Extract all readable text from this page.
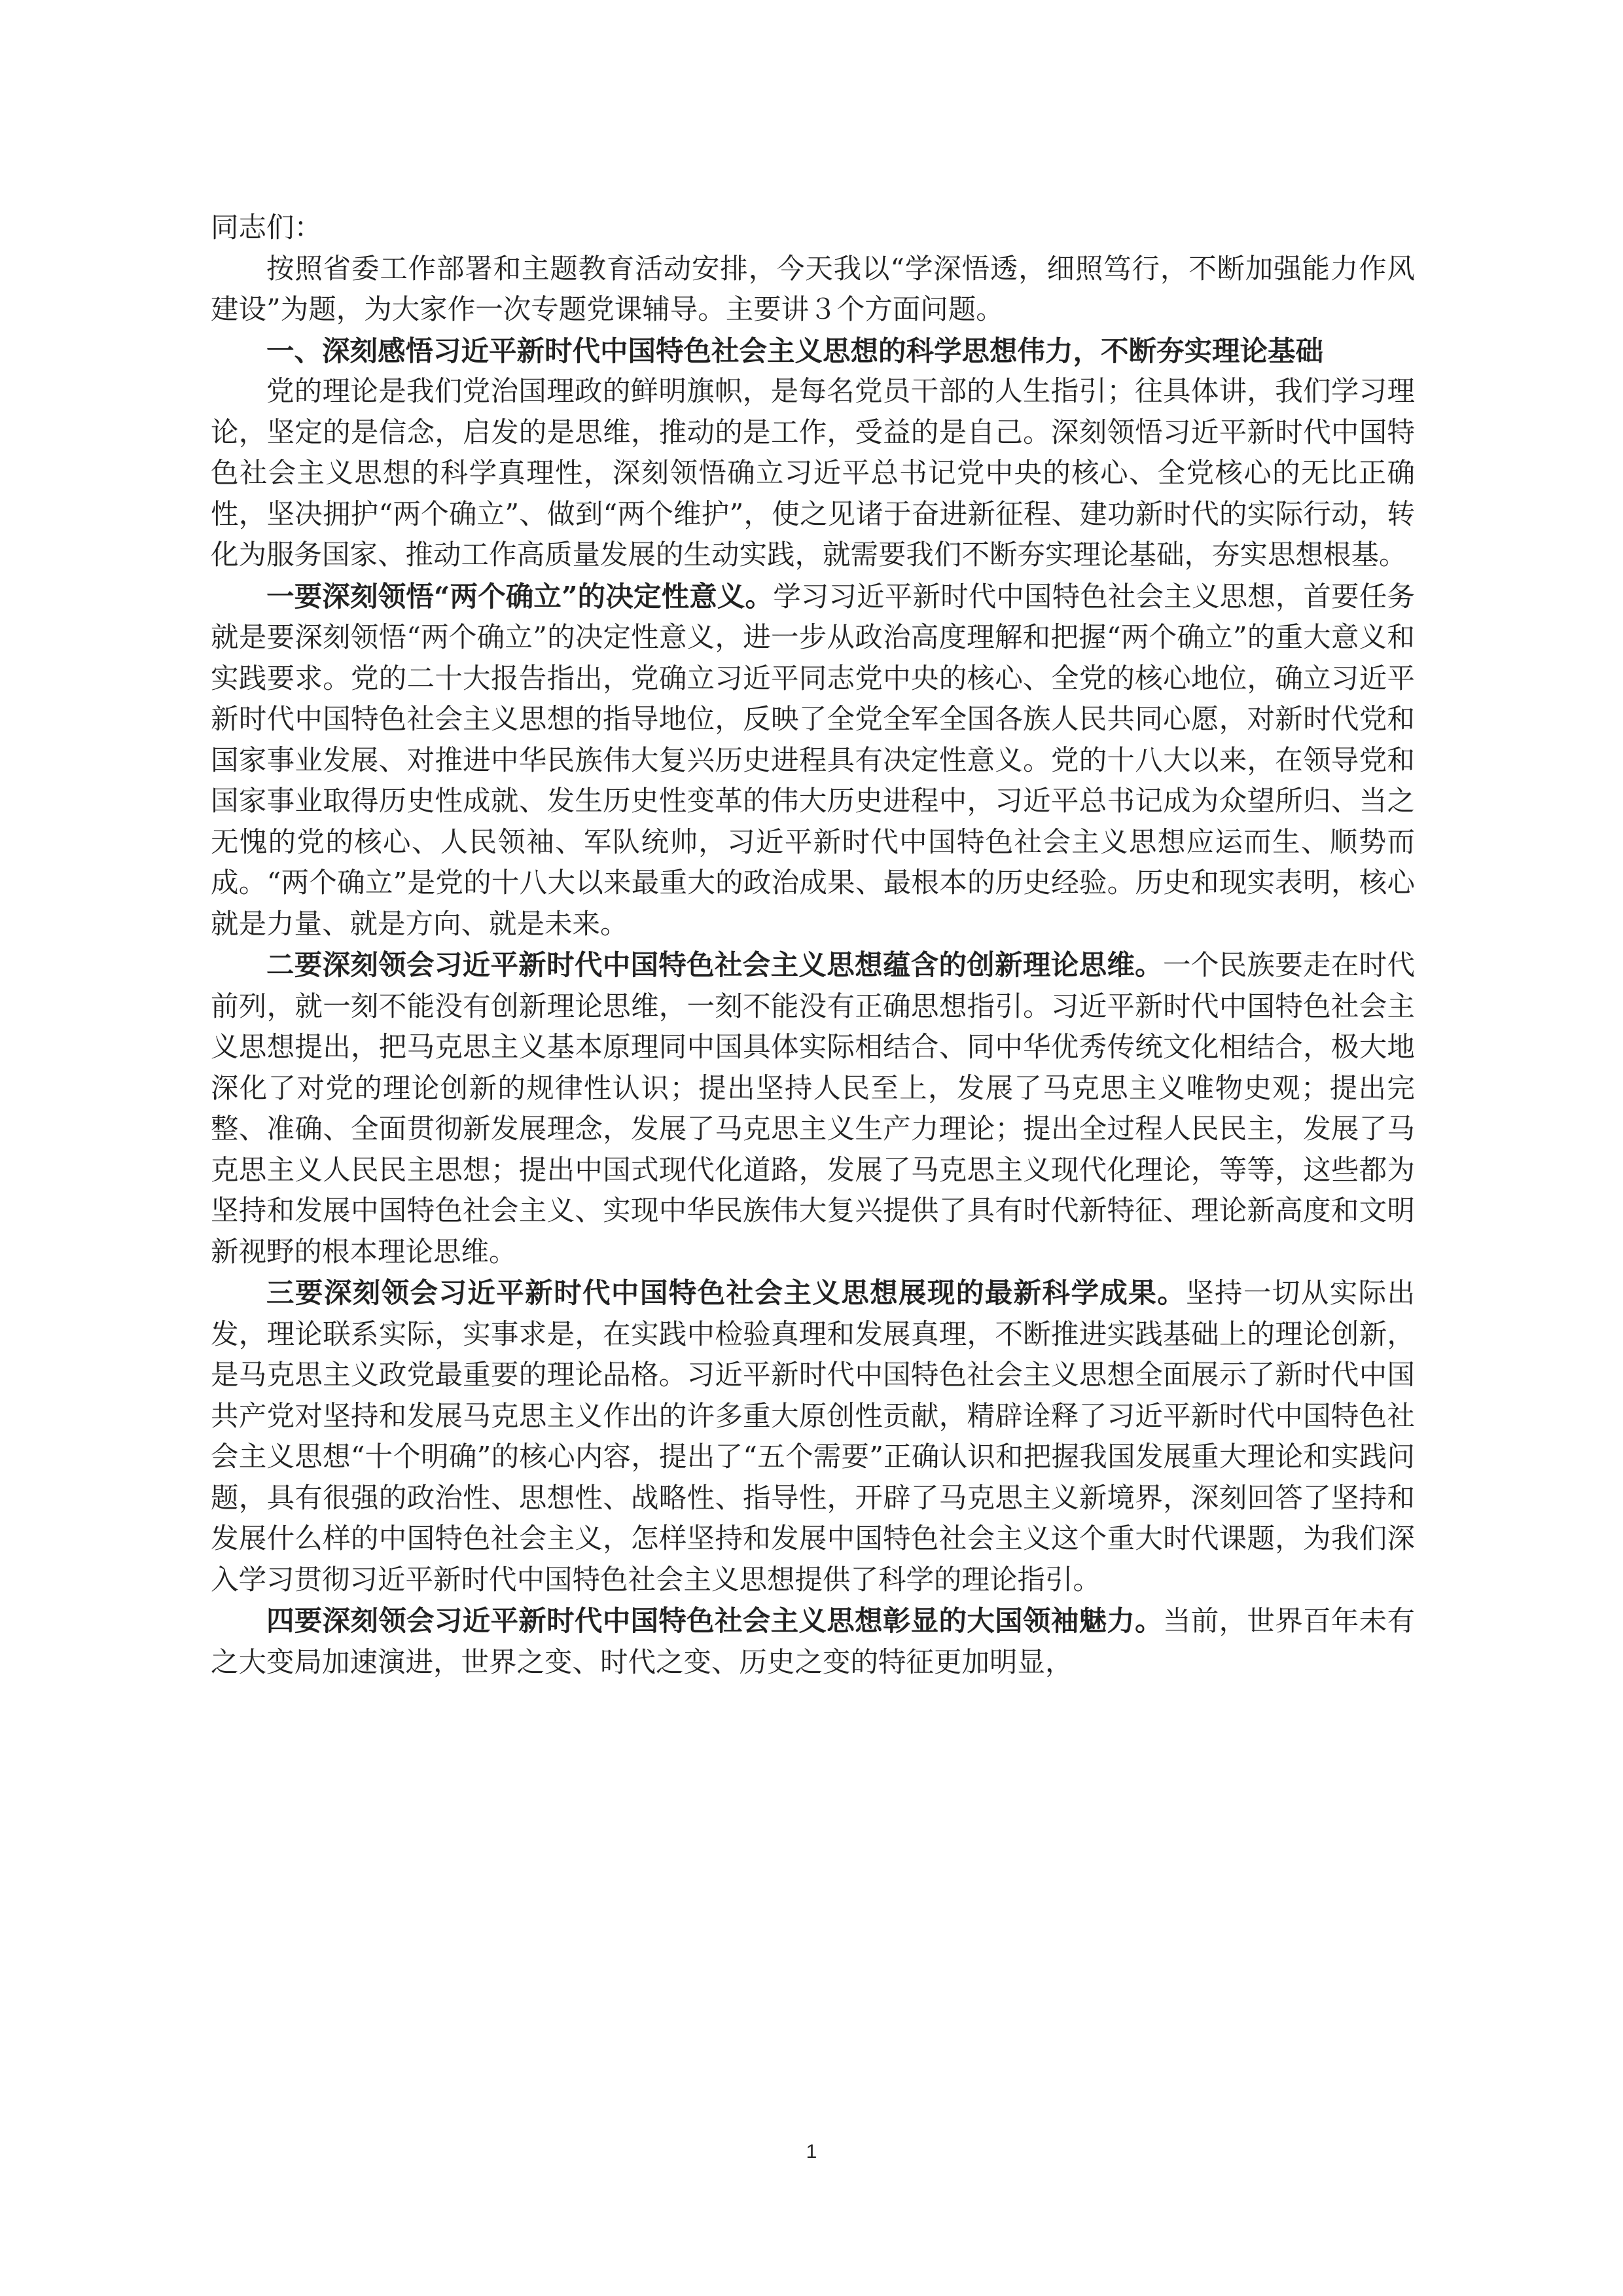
同志们：

按照省委工作部署和主题教育活动安排，今天我以“学深悟透，细照笃行，不断加强能力作风建设”为题，为大家作一次专题党课辅导。主要讲３个方面问题。

一、深刻感悟习近平新时代中国特色社会主义思想的科学思想伟力，不断夯实理论基础

党的理论是我们党治国理政的鲜明旗帜，是每名党员干部的人生指引；往具体讲，我们学习理论，坚定的是信念，启发的是思维，推动的是工作，受益的是自己。深刻领悟习近平新时代中国特色社会主义思想的科学真理性，深刻领悟确立习近平总书记党中央的核心、全党核心的无比正确性，坚决拥护“两个确立”、做到“两个维护”，使之见诸于奋进新征程、建功新时代的实际行动，转化为服务国家、推动工作高质量发展的生动实践，就需要我们不断夯实理论基础，夯实思想根基。

一要深刻领悟“两个确立”的决定性意义。学习习近平新时代中国特色社会主义思想，首要任务就是要深刻领悟“两个确立”的决定性意义，进一步从政治高度理解和把握“两个确立”的重大意义和实践要求。党的二十大报告指出，党确立习近平同志党中央的核心、全党的核心地位，确立习近平新时代中国特色社会主义思想的指导地位，反映了全党全军全国各族人民共同心愿，对新时代党和国家事业发展、对推进中华民族伟大复兴历史进程具有决定性意义。党的十八大以来，在领导党和国家事业取得历史性成就、发生历史性变革的伟大历史进程中，习近平总书记成为众望所归、当之无愧的党的核心、人民领袖、军队统帅，习近平新时代中国特色社会主义思想应运而生、顺势而成。“两个确立”是党的十八大以来最重大的政治成果、最根本的历史经验。历史和现实表明，核心就是力量、就是方向、就是未来。

二要深刻领会习近平新时代中国特色社会主义思想蕴含的创新理论思维。一个民族要走在时代前列，就一刻不能没有创新理论思维，一刻不能没有正确思想指引。习近平新时代中国特色社会主义思想提出，把马克思主义基本原理同中国具体实际相结合、同中华优秀传统文化相结合，极大地深化了对党的理论创新的规律性认识；提出坚持人民至上，发展了马克思主义唯物史观；提出完整、准确、全面贯彻新发展理念，发展了马克思主义生产力理论；提出全过程人民民主，发展了马克思主义人民民主思想；提出中国式现代化道路，发展了马克思主义现代化理论，等等，这些都为坚持和发展中国特色社会主义、实现中华民族伟大复兴提供了具有时代新特征、理论新高度和文明新视野的根本理论思维。

三要深刻领会习近平新时代中国特色社会主义思想展现的最新科学成果。坚持一切从实际出发，理论联系实际，实事求是，在实践中检验真理和发展真理，不断推进实践基础上的理论创新，是马克思主义政党最重要的理论品格。习近平新时代中国特色社会主义思想全面展示了新时代中国共产党对坚持和发展马克思主义作出的许多重大原创性贡献，精辟诠释了习近平新时代中国特色社会主义思想“十个明确”的核心内容，提出了“五个需要”正确认识和把握我国发展重大理论和实践问题，具有很强的政治性、思想性、战略性、指导性，开辟了马克思主义新境界，深刻回答了坚持和发展什么样的中国特色社会主义，怎样坚持和发展中国特色社会主义这个重大时代课题，为我们深入学习贯彻习近平新时代中国特色社会主义思想提供了科学的理论指引。

四要深刻领会习近平新时代中国特色社会主义思想彰显的大国领袖魅力。当前，世界百年未有之大变局加速演进，世界之变、时代之变、历史之变的特征更加明显，

1
